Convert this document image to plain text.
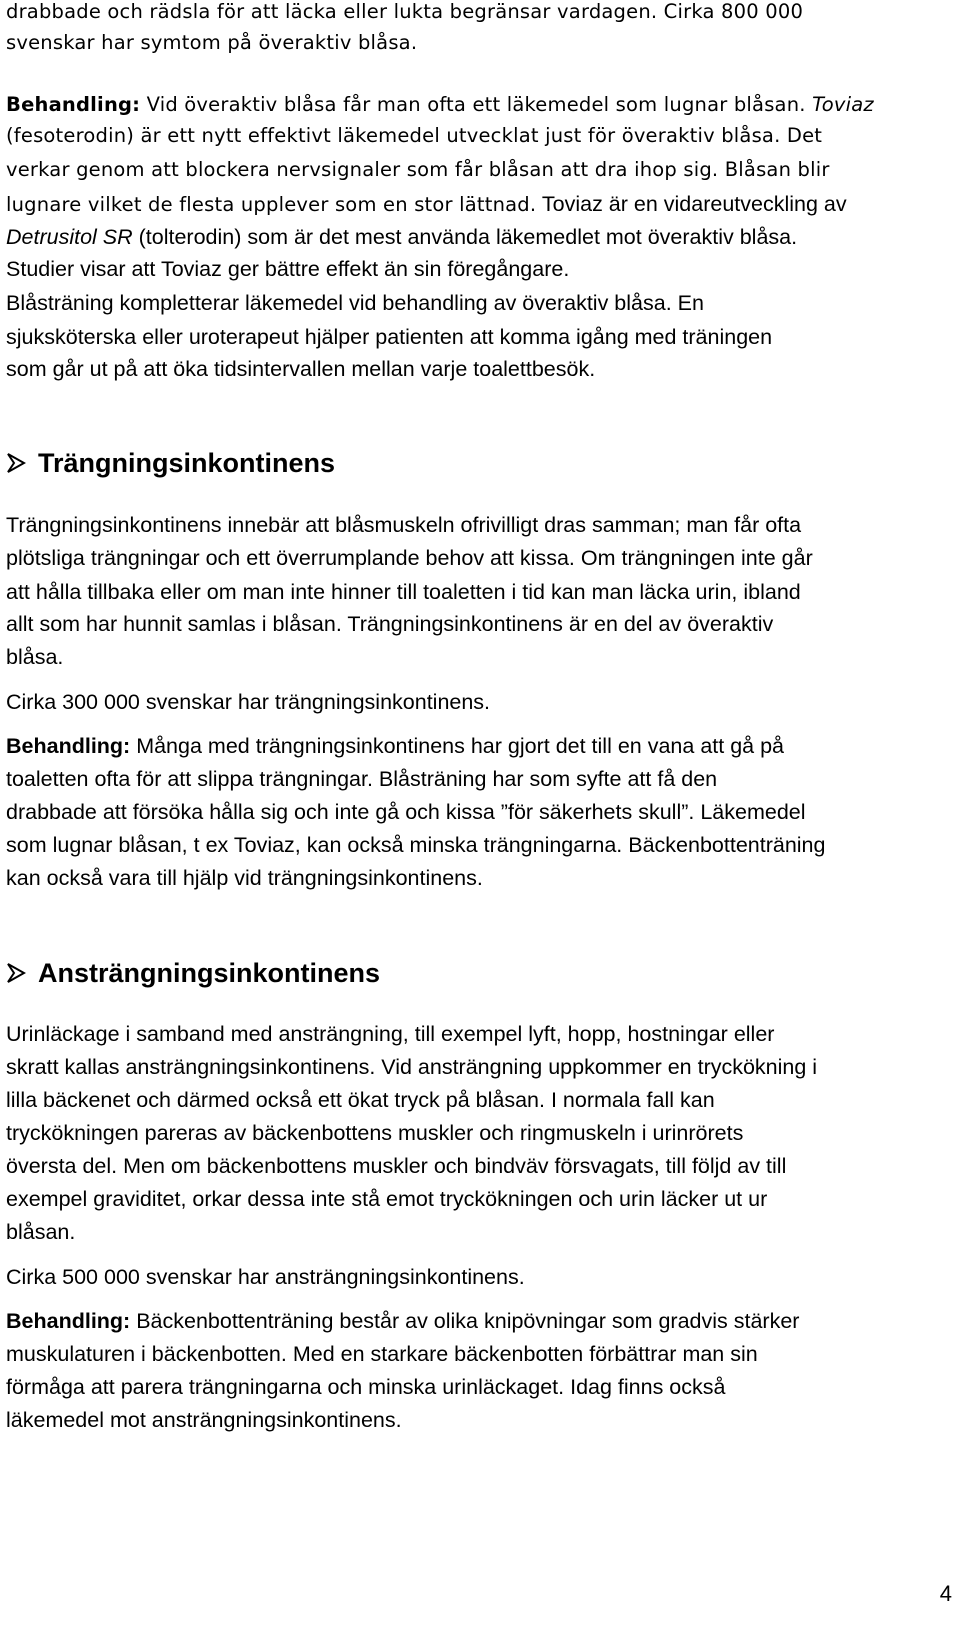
drabbade och rädsla för att läcka eller lukta begränsar vardagen. Cirka 800 000
svenskar har symtom på överaktiv blåsa.
Behandling: Vid överaktiv blåsa får man ofta ett läkemedel som lugnar blåsan. Toviaz
(fesoterodin) är ett nytt effektivt läkemedel utvecklat just för överaktiv blåsa. Det
verkar genom att blockera nervsignaler som får blåsan att dra ihop sig. Blåsan blir
lugnare vilket de flesta upplever som en stor lättnad. Toviaz är en vidareutveckling av
Detrusitol SR (tolterodin) som är det mest använda läkemedlet mot överaktiv blåsa.
Studier visar att Toviaz ger bättre effekt än sin föregångare.
Blåsträning kompletterar läkemedel vid behandling av överaktiv blåsa. En
sjuksköterska eller uroterapeut hjälper patienten att komma igång med träningen
som går ut på att öka tidsintervallen mellan varje toalettbesök.
Trängningsinkontinens
Trängningsinkontinens innebär att blåsmuskeln ofrivilligt dras samman; man får ofta
plötsliga trängningar och ett överrumplande behov att kissa. Om trängningen inte går
att hålla tillbaka eller om man inte hinner till toaletten i tid kan man läcka urin, ibland
allt som har hunnit samlas i blåsan. Trängningsinkontinens är en del av överaktiv
blåsa.
Cirka 300 000 svenskar har trängningsinkontinens.
Behandling: Många med trängningsinkontinens har gjort det till en vana att gå på
toaletten ofta för att slippa trängningar. Blåsträning har som syfte att få den
drabbade att försöka hålla sig och inte gå och kissa ”för säkerhets skull”. Läkemedel
som lugnar blåsan, t ex Toviaz, kan också minska trängningarna. Bäckenbottenträning
kan också vara till hjälp vid trängningsinkontinens.
Ansträngningsinkontinens
Urinläckage i samband med ansträngning, till exempel lyft, hopp, hostningar eller
skratt kallas ansträngningsinkontinens. Vid ansträngning uppkommer en tryckökning i
lilla bäckenet och därmed också ett ökat tryck på blåsan. I normala fall kan
tryckökningen pareras av bäckenbottens muskler och ringmuskeln i urinrörets
översta del. Men om bäckenbottens muskler och bindväv försvagats, till följd av till
exempel graviditet, orkar dessa inte stå emot tryckökningen och urin läcker ut ur
blåsan.
Cirka 500 000 svenskar har ansträngningsinkontinens.
Behandling: Bäckenbottenträning består av olika knipövningar som gradvis stärker
muskulaturen i bäckenbotten. Med en starkare bäckenbotten förbättrar man sin
förmåga att parera trängningarna och minska urinläckaget. Idag finns också
läkemedel mot ansträngningsinkontinens.
4
